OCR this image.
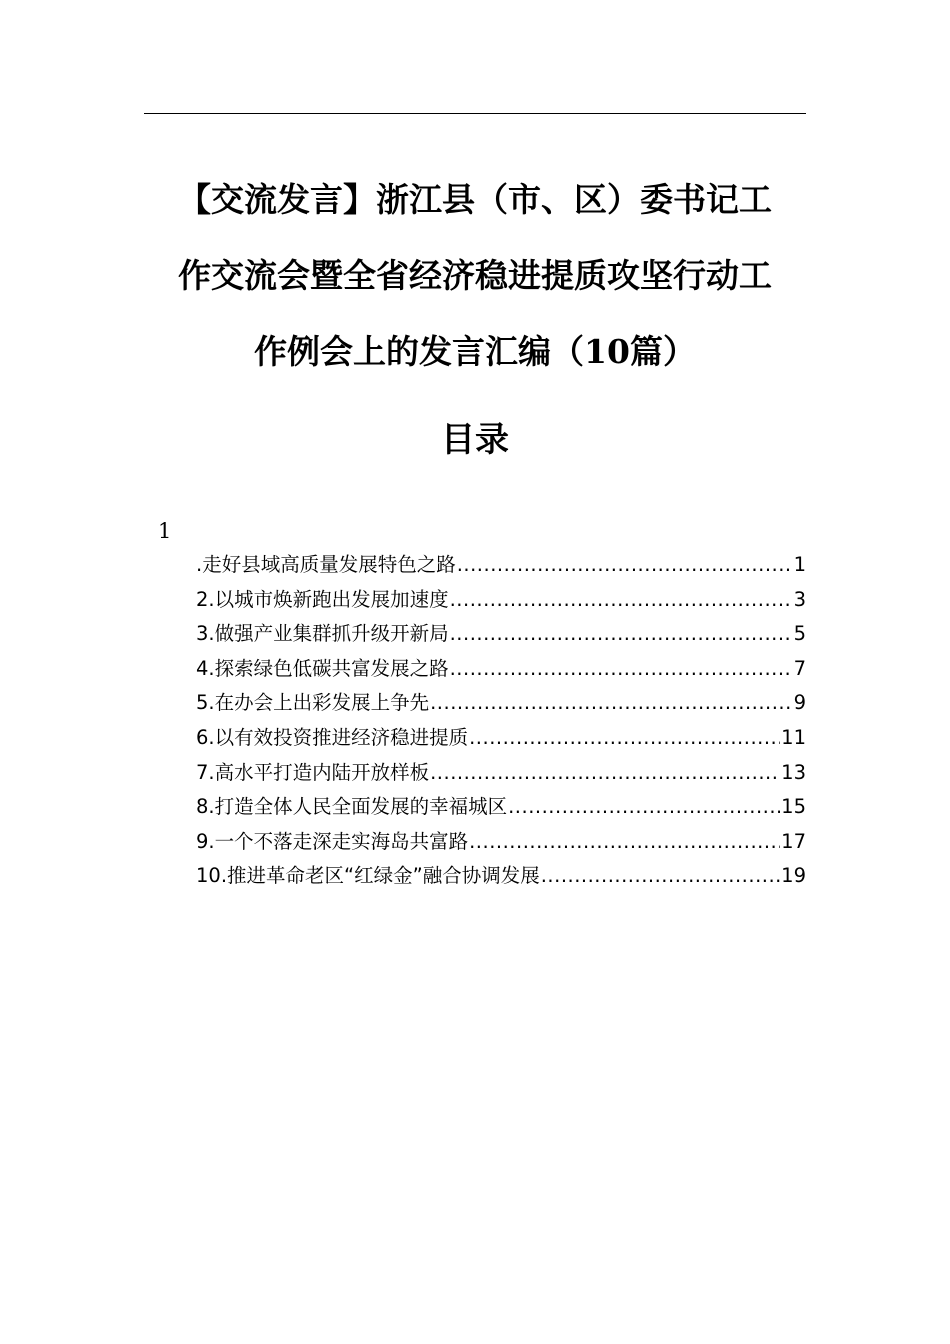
【交流发言】浙江县（市、区）委书记工
作交流会暨全省经济稳进提质攻坚行动工
作例会上的发言汇编（10篇）
目录
1
.走好县域高质量发展特色之路 .....	1
2.以城市焕新跑出发展加速度 .....	3
3.做强产业集群抓升级开新局 .....	5
4.探索绿色低碳共富发展之路 .....	7
5.在办会上出彩发展上争先 .....	9
6.以有效投资推进经济稳进提质 .....	11
7.高水平打造内陆开放样板 .....	13
8.打造全体人民全面发展的幸福城区 .....	15
9.一个不落走深走实海岛共富路 .....	17
10.推进革命老区“红绿金”融合协调发展 .....	19
